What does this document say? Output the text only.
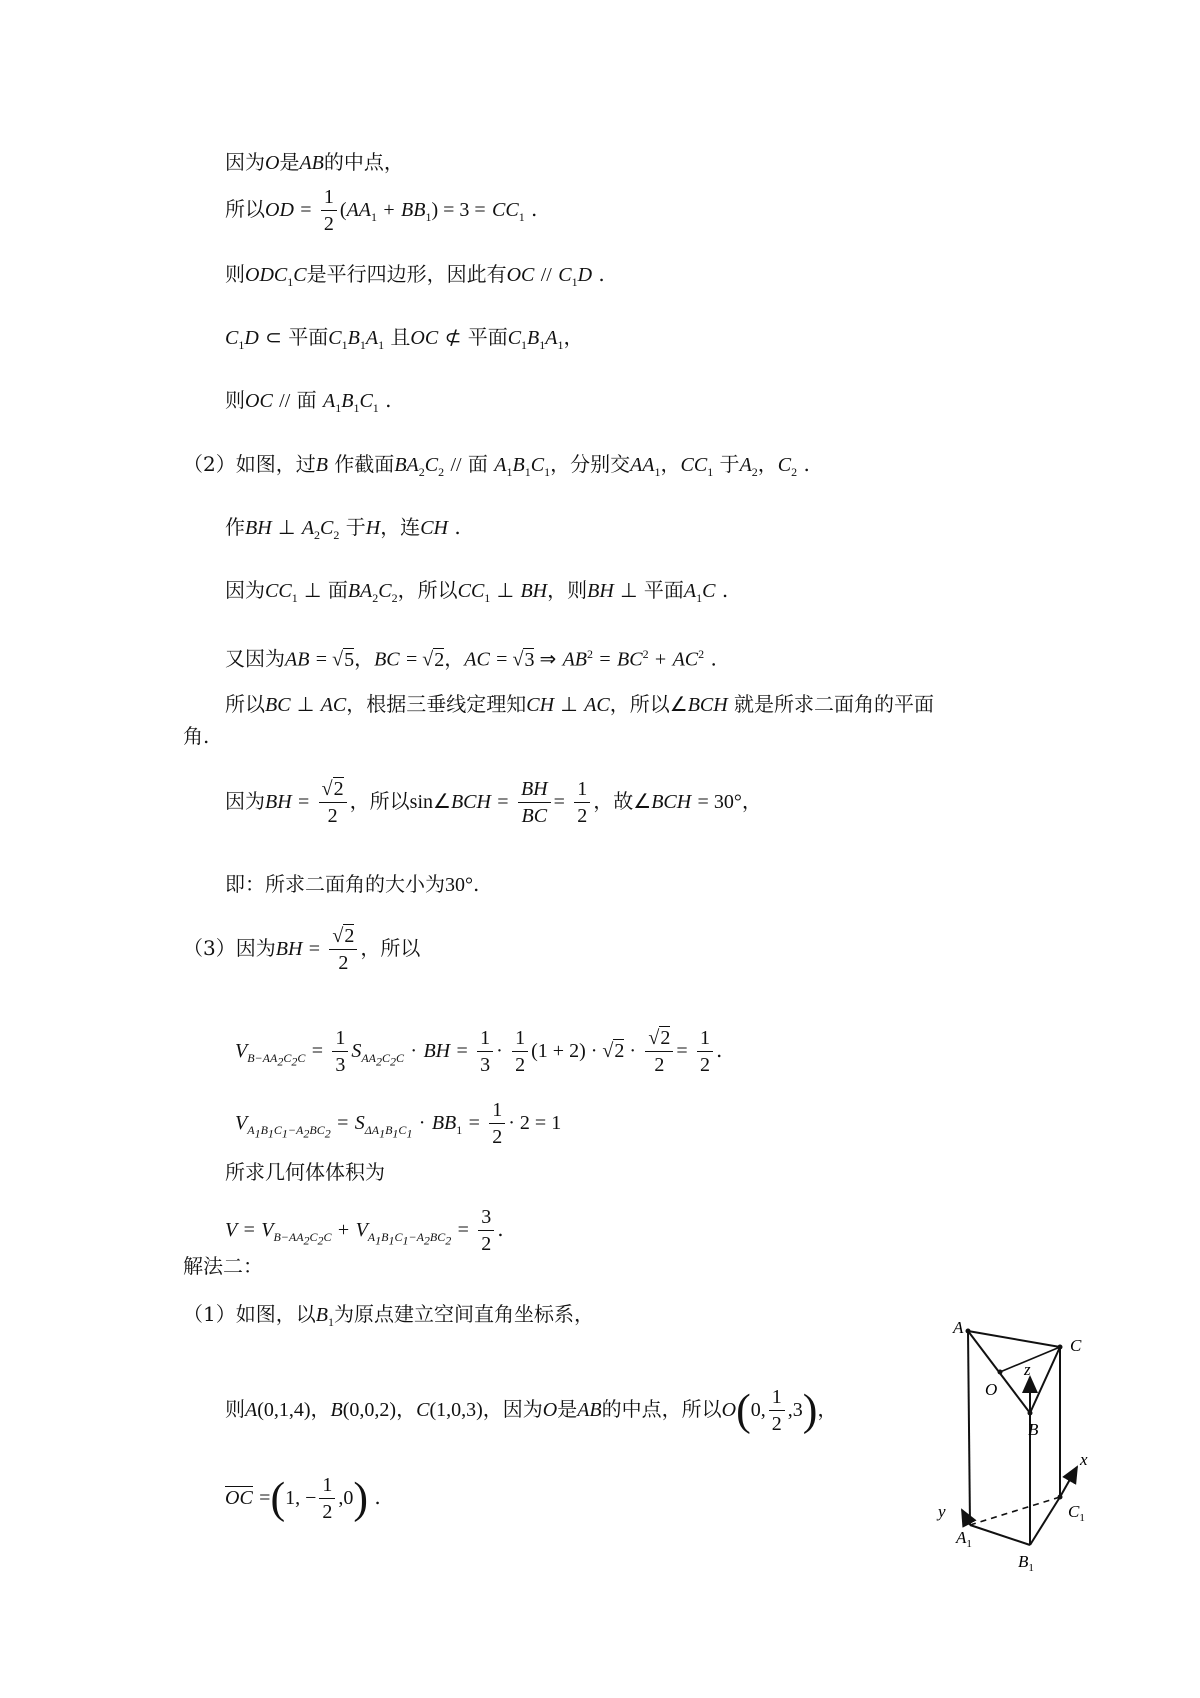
因为O是AB的中点，
所以OD = $\frac{1}{2} (AA_1 + BB_1) = 3 = CC_1$ .
则$ODC_1C$是平行四边形，因此有OC // $C_1D$ .
$C_1D$ ⊂ 平面$C_1B_1A_1$ 且OC ⊄ 平面$C_1B_1A_1$，
则OC // 面 $A_1B_1C_1$ .
（2）如图，过B 作截面$BA_2C_2$ // 面 $A_1B_1C_1$，分别交$AA_1$，$CC_1$ 于$A_2$，$C_2$ .
作BH ⊥ $A_2C_2$ 于H，连CH .
因为$CC_1$ ⊥ 面$BA_2C_2$，所以$CC_1$ ⊥ BH，则BH ⊥ 平面$A_1C$ .
又因为AB = √5，BC = √2，AC = √3 ⇒ $AB^2 = BC^2 + AC^2$ .
所以BC ⊥ AC，根据三垂线定理知CH ⊥ AC，所以∠BCH 就是所求二面角的平面
角.
因为BH = $\frac{√2}{2}$ ，所以sin∠BCH = $\frac{BH}{BC} = \frac{1}{2}$ ，故∠BCH = 30°，
即：所求二面角的大小为30°.
（3）因为BH = $\frac{√2}{2}$ ，所以
$V_{B-AA_2C_2C} = \frac{1}{3} S_{AA_2C_2C}$ · BH = $\frac{1}{3} \cdot \frac{1}{2} (1 + 2) \cdot √2 \cdot \frac{√2}{2} = \frac{1}{2}$ .
$V_{A_1B_1C_1-A_2BC_2} = S_{\Delta A_1B_1C_1} \cdot BB_1 = \frac{1}{2} \cdot 2 = 1$
所求几何体体积为
$V = V_{B-AA_2C_2C} + V_{A_1B_1C_1-A_2BC_2} = \frac{3}{2}$ .
解法二：
（1）如图，以$B_1$为原点建立空间直角坐标系，
则A(0,1,4)，B(0,0,2)，C(1,0,3)，因为O是AB的中点，所以O(0, $\frac{1}{2} ,3$)，
OC =(1, − $\frac{1}{2} ,0$) .
A
C
O
z
B
x
y
$A_1$
$C_1$
$B_1$
